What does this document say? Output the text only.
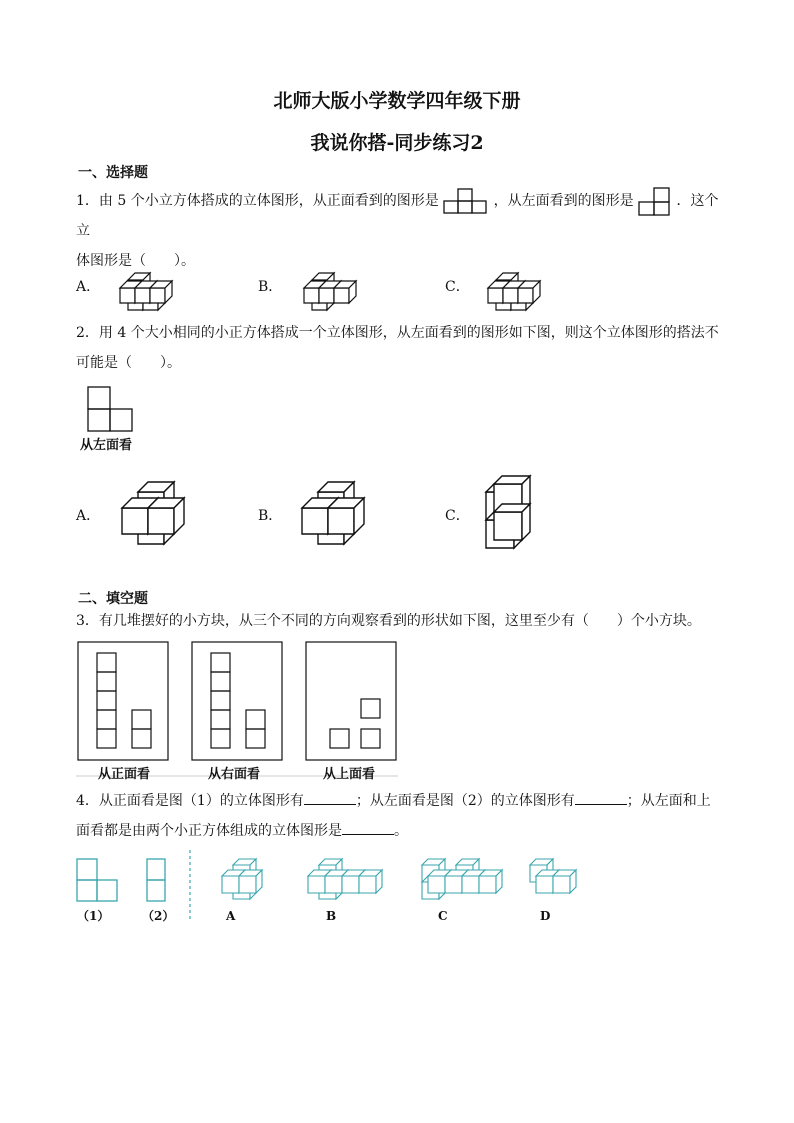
北师大版小学数学四年级下册
我说你搭-同步练习2
一、选择题
1．由 5 个小立方体搭成的立体图形，从正面看到的图形是	，从左面看到的图形是	．这个立
体图形是（　　）。
A．	B．	C．
2．用 4 个大小相同的小正方体搭成一个立体图形，从左面看到的图形如下图，则这个立体图形的搭法不
可能是（　　）。
从左面看
A．	B．	C．
二、填空题
3．有几堆摆好的小方块，从三个不同的方向观察看到的形状如下图，这里至少有（　　）个小方块。
从正面看	从右面看	从上面看
4．从正面看是图（1）的立体图形有	；从左面看是图（2）的立体图形有	；从左面和上
面看都是由两个小正方体组成的立体图形是	。
（1）	（2）	A	B	C	D
